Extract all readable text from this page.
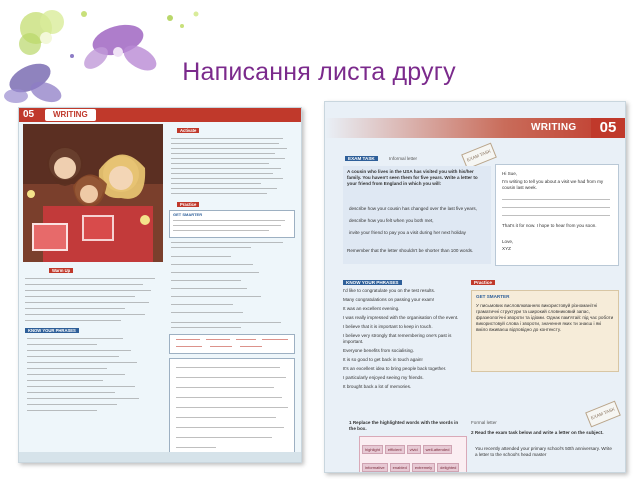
Написання листа другу
05	WRITING
Activate
Practice
GET SMARTER
Warm Up
KNOW YOUR PHRASES
WRITING	05
EXAM TASK
EXAM TASK	Informal letter
A cousin who lives in the USA has visited you with his/her family. You haven't seen them for five years. Write a letter to your friend from England in which you will:
describe how your cousin has changed over the last five years,
describe how you felt when you both met,
invite your friend to pay you a visit during her next holiday
Remember that the letter shouldn't be shorter than 100 words.
Hi Sue,
I'm writing to tell you about a visit we had from my cousin last week.
That's it for now. I hope to hear from you soon.
Love,
XYZ
KNOW YOUR PHRASES
I'd like to congratulate you on the test results.
Many congratulations on passing your exam!
It was an excellent evening.
I was really impressed with the organisation of the event.
I believe that it is important to keep in touch.
I believe very strongly that remembering one's past is important.
Everyone benefits from socialising.
It is so good to get back in touch again!
It's an excellent idea to bring people back together.
I particularly enjoyed seeing my friends.
It brought back a lot of memories.
Practice
GET SMARTER
У письмових висловлюваннях використовуй різноманітні граматичні структури та широкий словниковий запас, фразеологічні звороти та ідіоми. Однак пам'ятай: під час роботи використовуй слова і звороти, значення яких ти знаєш і які вміло вживаєш відповідно до контексту.
1 Replace the highlighted words with the words in the box.
highlight efficient vivid well-attendedinformative enabled extremely delighted
Formal letter
EXAM TASK
2 Read the exam task below and write a letter on the subject.
You recently attended your primary school's 50th anniversary. Write a letter to the school's head master
